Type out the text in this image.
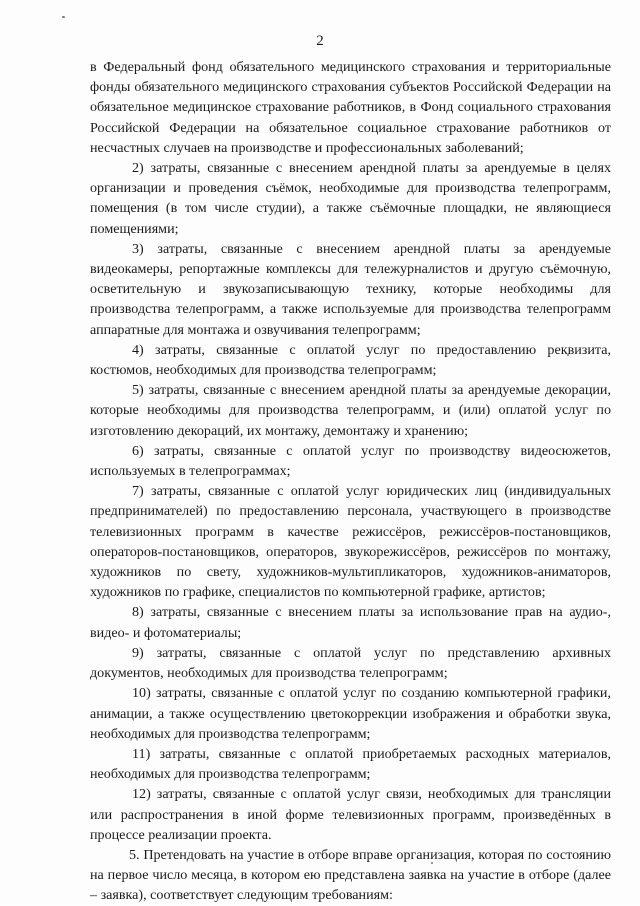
2

в Федеральный фонд обязательного медицинского страхования и территориальные фонды обязательного медицинского страхования субъектов Российской Федерации на обязательное медицинское страхование работников, в Фонд социального страхования Российской Федерации на обязательное социальное страхование работников от несчастных случаев на производстве и профессиональных заболеваний;

2) затраты, связанные с внесением арендной платы за арендуемые в целях организации и проведения съёмок, необходимые для производства телепрограмм, помещения (в том числе студии), а также съёмочные площадки, не являющиеся помещениями;

3) затраты, связанные с внесением арендной платы за арендуемые видеокамеры, репортажные комплексы для тележурналистов и другую съёмочную, осветительную и звукозаписывающую технику, которые необходимы для производства телепрограмм, а также используемые для производства телепрограмм аппаратные для монтажа и озвучивания телепрограмм;

4) затраты, связанные с оплатой услуг по предоставлению реквизита, костюмов, необходимых для производства телепрограмм;

5) затраты, связанные с внесением арендной платы за арендуемые декорации, которые необходимы для производства телепрограмм, и (или) оплатой услуг по изготовлению декораций, их монтажу, демонтажу и хранению;

6) затраты, связанные с оплатой услуг по производству видеосюжетов, используемых в телепрограммах;

7) затраты, связанные с оплатой услуг юридических лиц (индивидуальных предпринимателей) по предоставлению персонала, участвующего в производстве телевизионных программ в качестве режиссёров, режиссёров-постановщиков, операторов-постановщиков, операторов, звукорежиссёров, режиссёров по монтажу, художников по свету, художников-мультипликаторов, художников-аниматоров, художников по графике, специалистов по компьютерной графике, артистов;

8) затраты, связанные с внесением платы за использование прав на аудио-, видео- и фотоматериалы;

9) затраты, связанные с оплатой услуг по представлению архивных документов, необходимых для производства телепрограмм;

10) затраты, связанные с оплатой услуг по созданию компьютерной графики, анимации, а также осуществлению цветокоррекции изображения и обработки звука, необходимых для производства телепрограмм;

11) затраты, связанные с оплатой приобретаемых расходных материалов, необходимых для производства телепрограмм;

12) затраты, связанные с оплатой услуг связи, необходимых для трансляции или распространения в иной форме телевизионных программ, произведённых в процессе реализации проекта.

5. Претендовать на участие в отборе вправе организация, которая по состоянию на первое число месяца, в котором ею представлена заявка на участие в отборе (далее – заявка), соответствует следующим требованиям:
